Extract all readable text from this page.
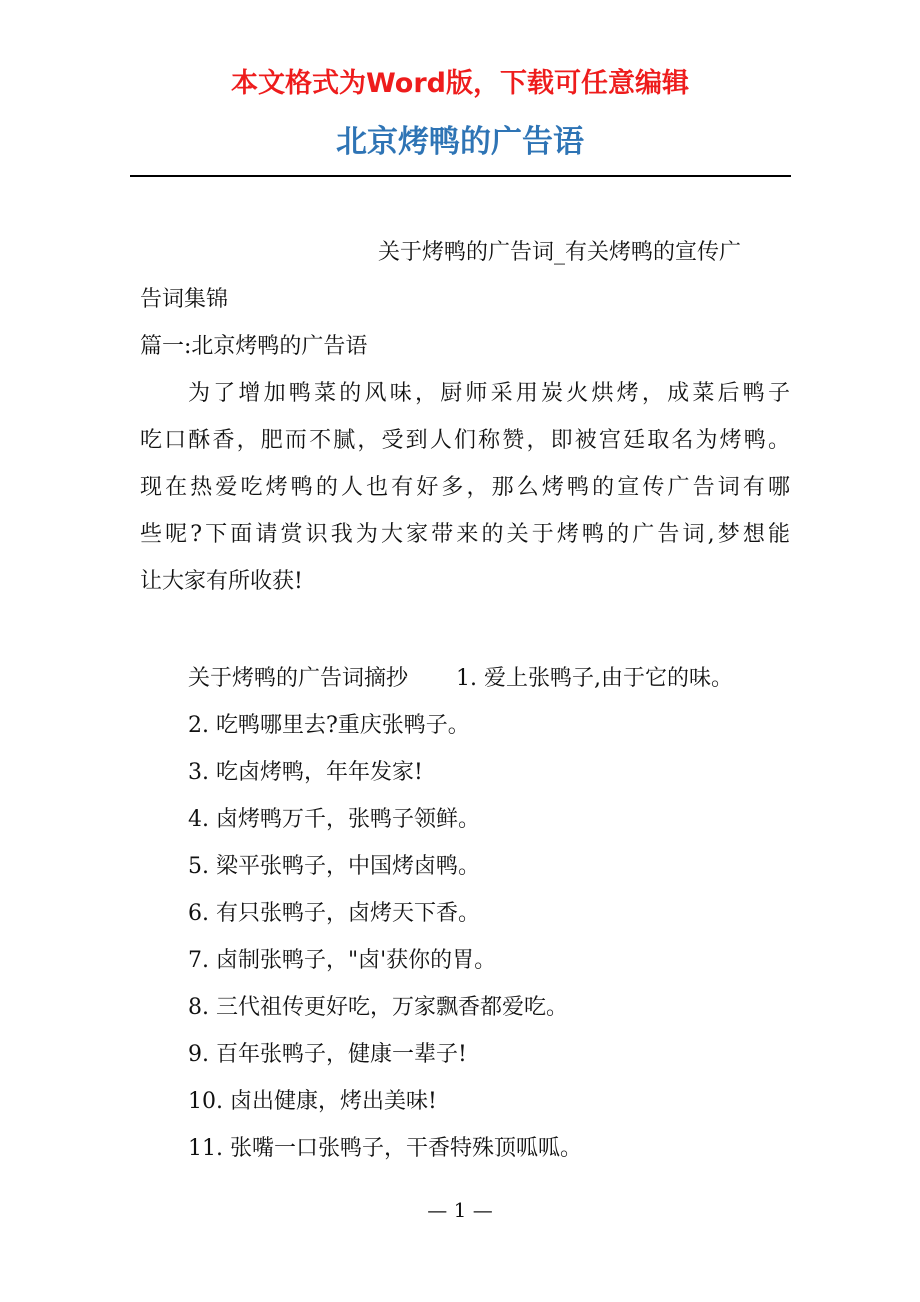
本文格式为Word版，下载可任意编辑
北京烤鸭的广告语
关于烤鸭的广告词_有关烤鸭的宣传广
告词集锦
篇一:北京烤鸭的广告语
为了增加鸭菜的风味，厨师采用炭火烘烤，成菜后鸭子
吃口酥香，肥而不腻，受到人们称赞，即被宫廷取名为烤鸭。
现在热爱吃烤鸭的人也有好多，那么烤鸭的宣传广告词有哪
些呢?下面请赏识我为大家带来的关于烤鸭的广告词,梦想能
让大家有所收获!
关于烤鸭的广告词摘抄 1. 爱上张鸭子,由于它的味。
2. 吃鸭哪里去?重庆张鸭子。
3. 吃卤烤鸭，年年发家!
4. 卤烤鸭万千，张鸭子领鲜。
5. 梁平张鸭子，中国烤卤鸭。
6. 有只张鸭子，卤烤天下香。
7. 卤制张鸭子，"卤'获你的胃。
8. 三代祖传更好吃，万家飘香都爱吃。
9. 百年张鸭子，健康一辈子!
10. 卤出健康，烤出美味!
11. 张嘴一口张鸭子，干香特殊顶呱呱。
— 1 —
